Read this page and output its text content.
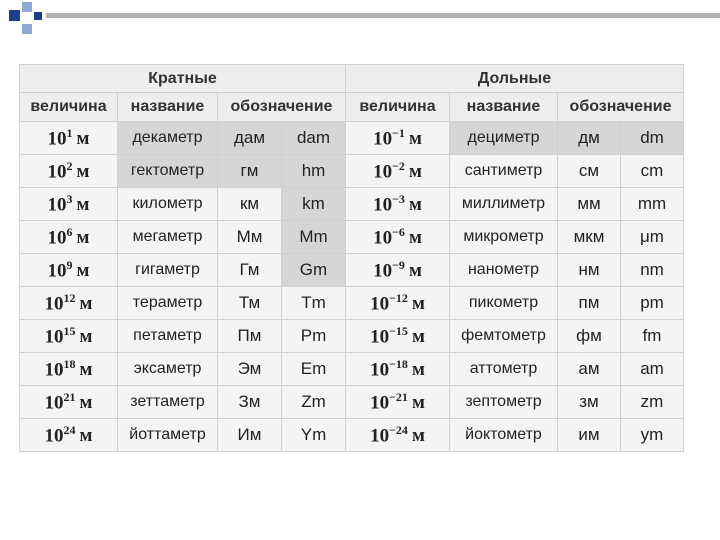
Кратные				Дольные			
величина	название	обозначение		величина	название	обозначение	
$10^1$ м	декаметр	дам	dam	$10^{-1}$ м	дециметр	дм	dm
$10^2$ м	гектометр	гм	hm	$10^{-2}$ м	сантиметр	см	cm
$10^3$ м	километр	км	km	$10^{-3}$ м	миллиметр	мм	mm
$10^6$ м	мегаметр	Мм	Mm	$10^{-6}$ м	микрометр	мкм	μm
$10^9$ м	гигаметр	Гм	Gm	$10^{-9}$ м	нанометр	нм	nm
$10^{12}$ м	тераметр	Тм	Tm	$10^{-12}$ м	пикометр	пм	pm
$10^{15}$ м	петаметр	Пм	Pm	$10^{-15}$ м	фемтометр	фм	fm
$10^{18}$ м	эксаметр	Эм	Em	$10^{-18}$ м	аттометр	ам	am
$10^{21}$ м	зеттаметр	Зм	Zm	$10^{-21}$ м	зептометр	зм	zm
$10^{24}$ м	йоттаметр	Им	Ym	$10^{-24}$ м	йоктометр	им	ym
